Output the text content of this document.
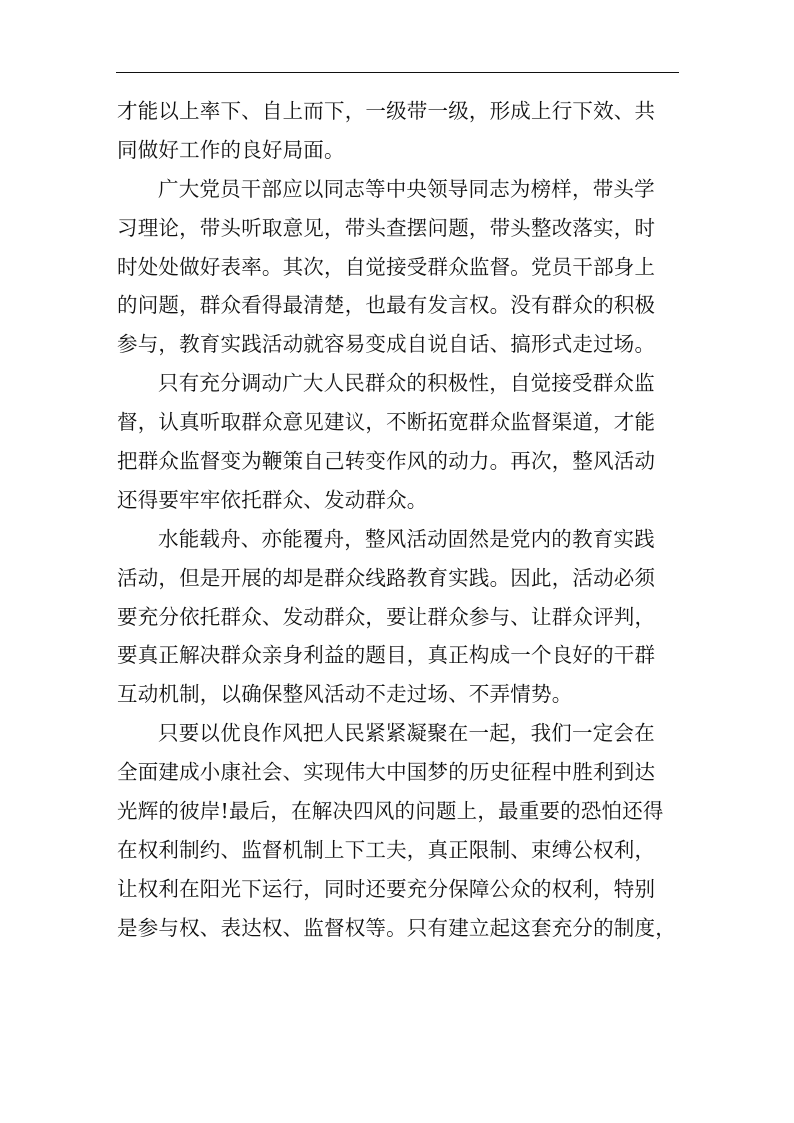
才能以上率下、自上而下，一级带一级，形成上行下效、共
同做好工作的良好局面。
广大党员干部应以同志等中央领导同志为榜样，带头学
习理论，带头听取意见，带头查摆问题，带头整改落实，时
时处处做好表率。其次，自觉接受群众监督。党员干部身上
的问题，群众看得最清楚，也最有发言权。没有群众的积极
参与，教育实践活动就容易变成自说自话、搞形式走过场。
只有充分调动广大人民群众的积极性，自觉接受群众监
督，认真听取群众意见建议，不断拓宽群众监督渠道，才能
把群众监督变为鞭策自己转变作风的动力。再次，整风活动
还得要牢牢依托群众、发动群众。
水能载舟、亦能覆舟，整风活动固然是党内的教育实践
活动，但是开展的却是群众线路教育实践。因此，活动必须
要充分依托群众、发动群众，要让群众参与、让群众评判，
要真正解决群众亲身利益的题目，真正构成一个良好的干群
互动机制，以确保整风活动不走过场、不弄情势。
只要以优良作风把人民紧紧凝聚在一起，我们一定会在
全面建成小康社会、实现伟大中国梦的历史征程中胜利到达
光辉的彼岸!最后，在解决四风的问题上，最重要的恐怕还得
在权利制约、监督机制上下工夫，真正限制、束缚公权利，
让权利在阳光下运行，同时还要充分保障公众的权利，特别
是参与权、表达权、监督权等。只有建立起这套充分的制度，
